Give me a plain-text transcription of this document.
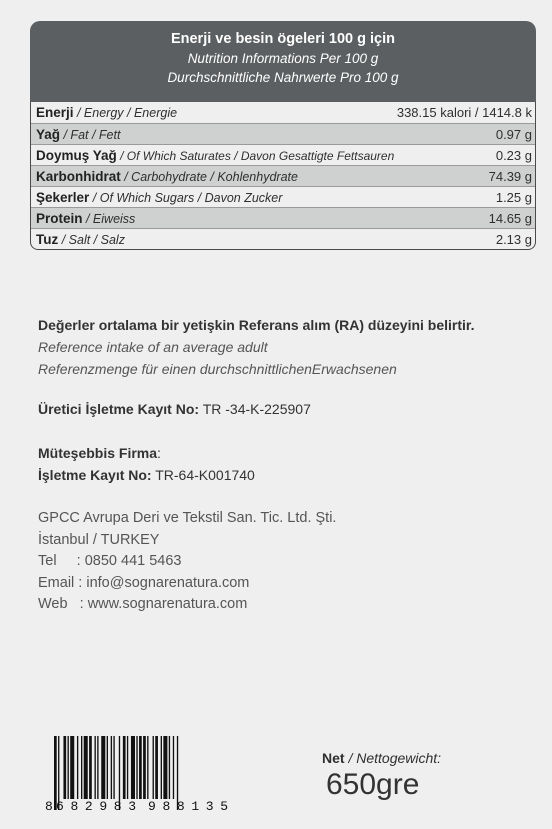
Enerji ve besin ögeleri 100 g için
Nutrition Informations Per 100 g
Durchschnittliche Nahrwerte Pro 100 g
Enerji / Energy / Energie	338.15 kalori / 1414.8 k
Yağ / Fat / Fett	0.97 g
Doymuş Yağ / Of Which Saturates / Davon Gesattigte Fettsauren	0.23 g
Karbonhidrat / Carbohydrate / Kohlenhydrate	74.39 g
Şekerler / Of Which Sugars / Davon Zucker	1.25 g
Protein / Eiweiss	14.65 g
Tuz / Salt / Salz	2.13 g
Değerler ortalama bir yetişkin Referans alım (RA) düzeyini belirtir.
Reference intake of an average adult
Referenzmenge für einen durchschnittlichenErwachsenen
Üretici İşletme Kayıt No: TR -34-K-225907
Müteşebbis Firma:
İşletme Kayıt No: TR-64-K001740
GPCC Avrupa Deri ve Tekstil San. Tic. Ltd. Şti.
İstanbul / TURKEY
Tel     : 0850 441 5463
Email : info@sognarenatura.com
Web   : www.sognarenatura.com
8 682983 988135
Net / Nettogewicht:
650grе
